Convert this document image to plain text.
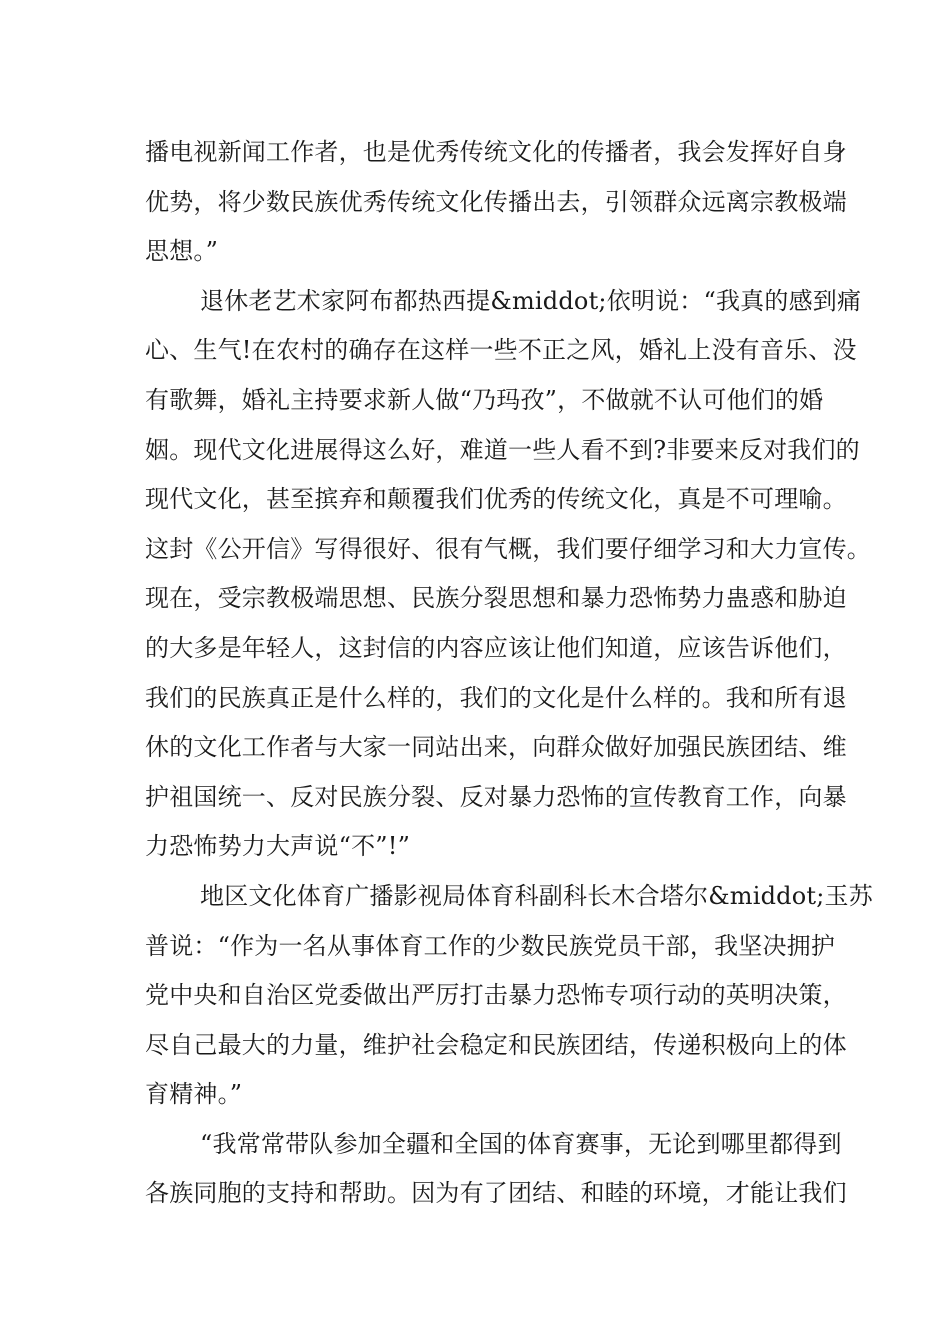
播电视新闻工作者，也是优秀传统文化的传播者，我会发挥好自身
优势，将少数民族优秀传统文化传播出去，引领群众远离宗教极端
思想。”
退休老艺术家阿布都热西提&middot;依明说：“我真的感到痛
心、生气!在农村的确存在这样一些不正之风，婚礼上没有音乐、没
有歌舞，婚礼主持要求新人做“乃玛孜”，不做就不认可他们的婚
姻。现代文化进展得这么好，难道一些人看不到?非要来反对我们的
现代文化，甚至摈弃和颠覆我们优秀的传统文化，真是不可理喻。
这封《公开信》写得很好、很有气概，我们要仔细学习和大力宣传。
现在，受宗教极端思想、民族分裂思想和暴力恐怖势力蛊惑和胁迫
的大多是年轻人，这封信的内容应该让他们知道，应该告诉他们，
我们的民族真正是什么样的，我们的文化是什么样的。我和所有退
休的文化工作者与大家一同站出来，向群众做好加强民族团结、维
护祖国统一、反对民族分裂、反对暴力恐怖的宣传教育工作，向暴
力恐怖势力大声说“不”!”
地区文化体育广播影视局体育科副科长木合塔尔&middot;玉苏
普说：“作为一名从事体育工作的少数民族党员干部，我坚决拥护
党中央和自治区党委做出严厉打击暴力恐怖专项行动的英明决策，
尽自己最大的力量，维护社会稳定和民族团结，传递积极向上的体
育精神。”
“我常常带队参加全疆和全国的体育赛事，无论到哪里都得到
各族同胞的支持和帮助。因为有了团结、和睦的环境，才能让我们
